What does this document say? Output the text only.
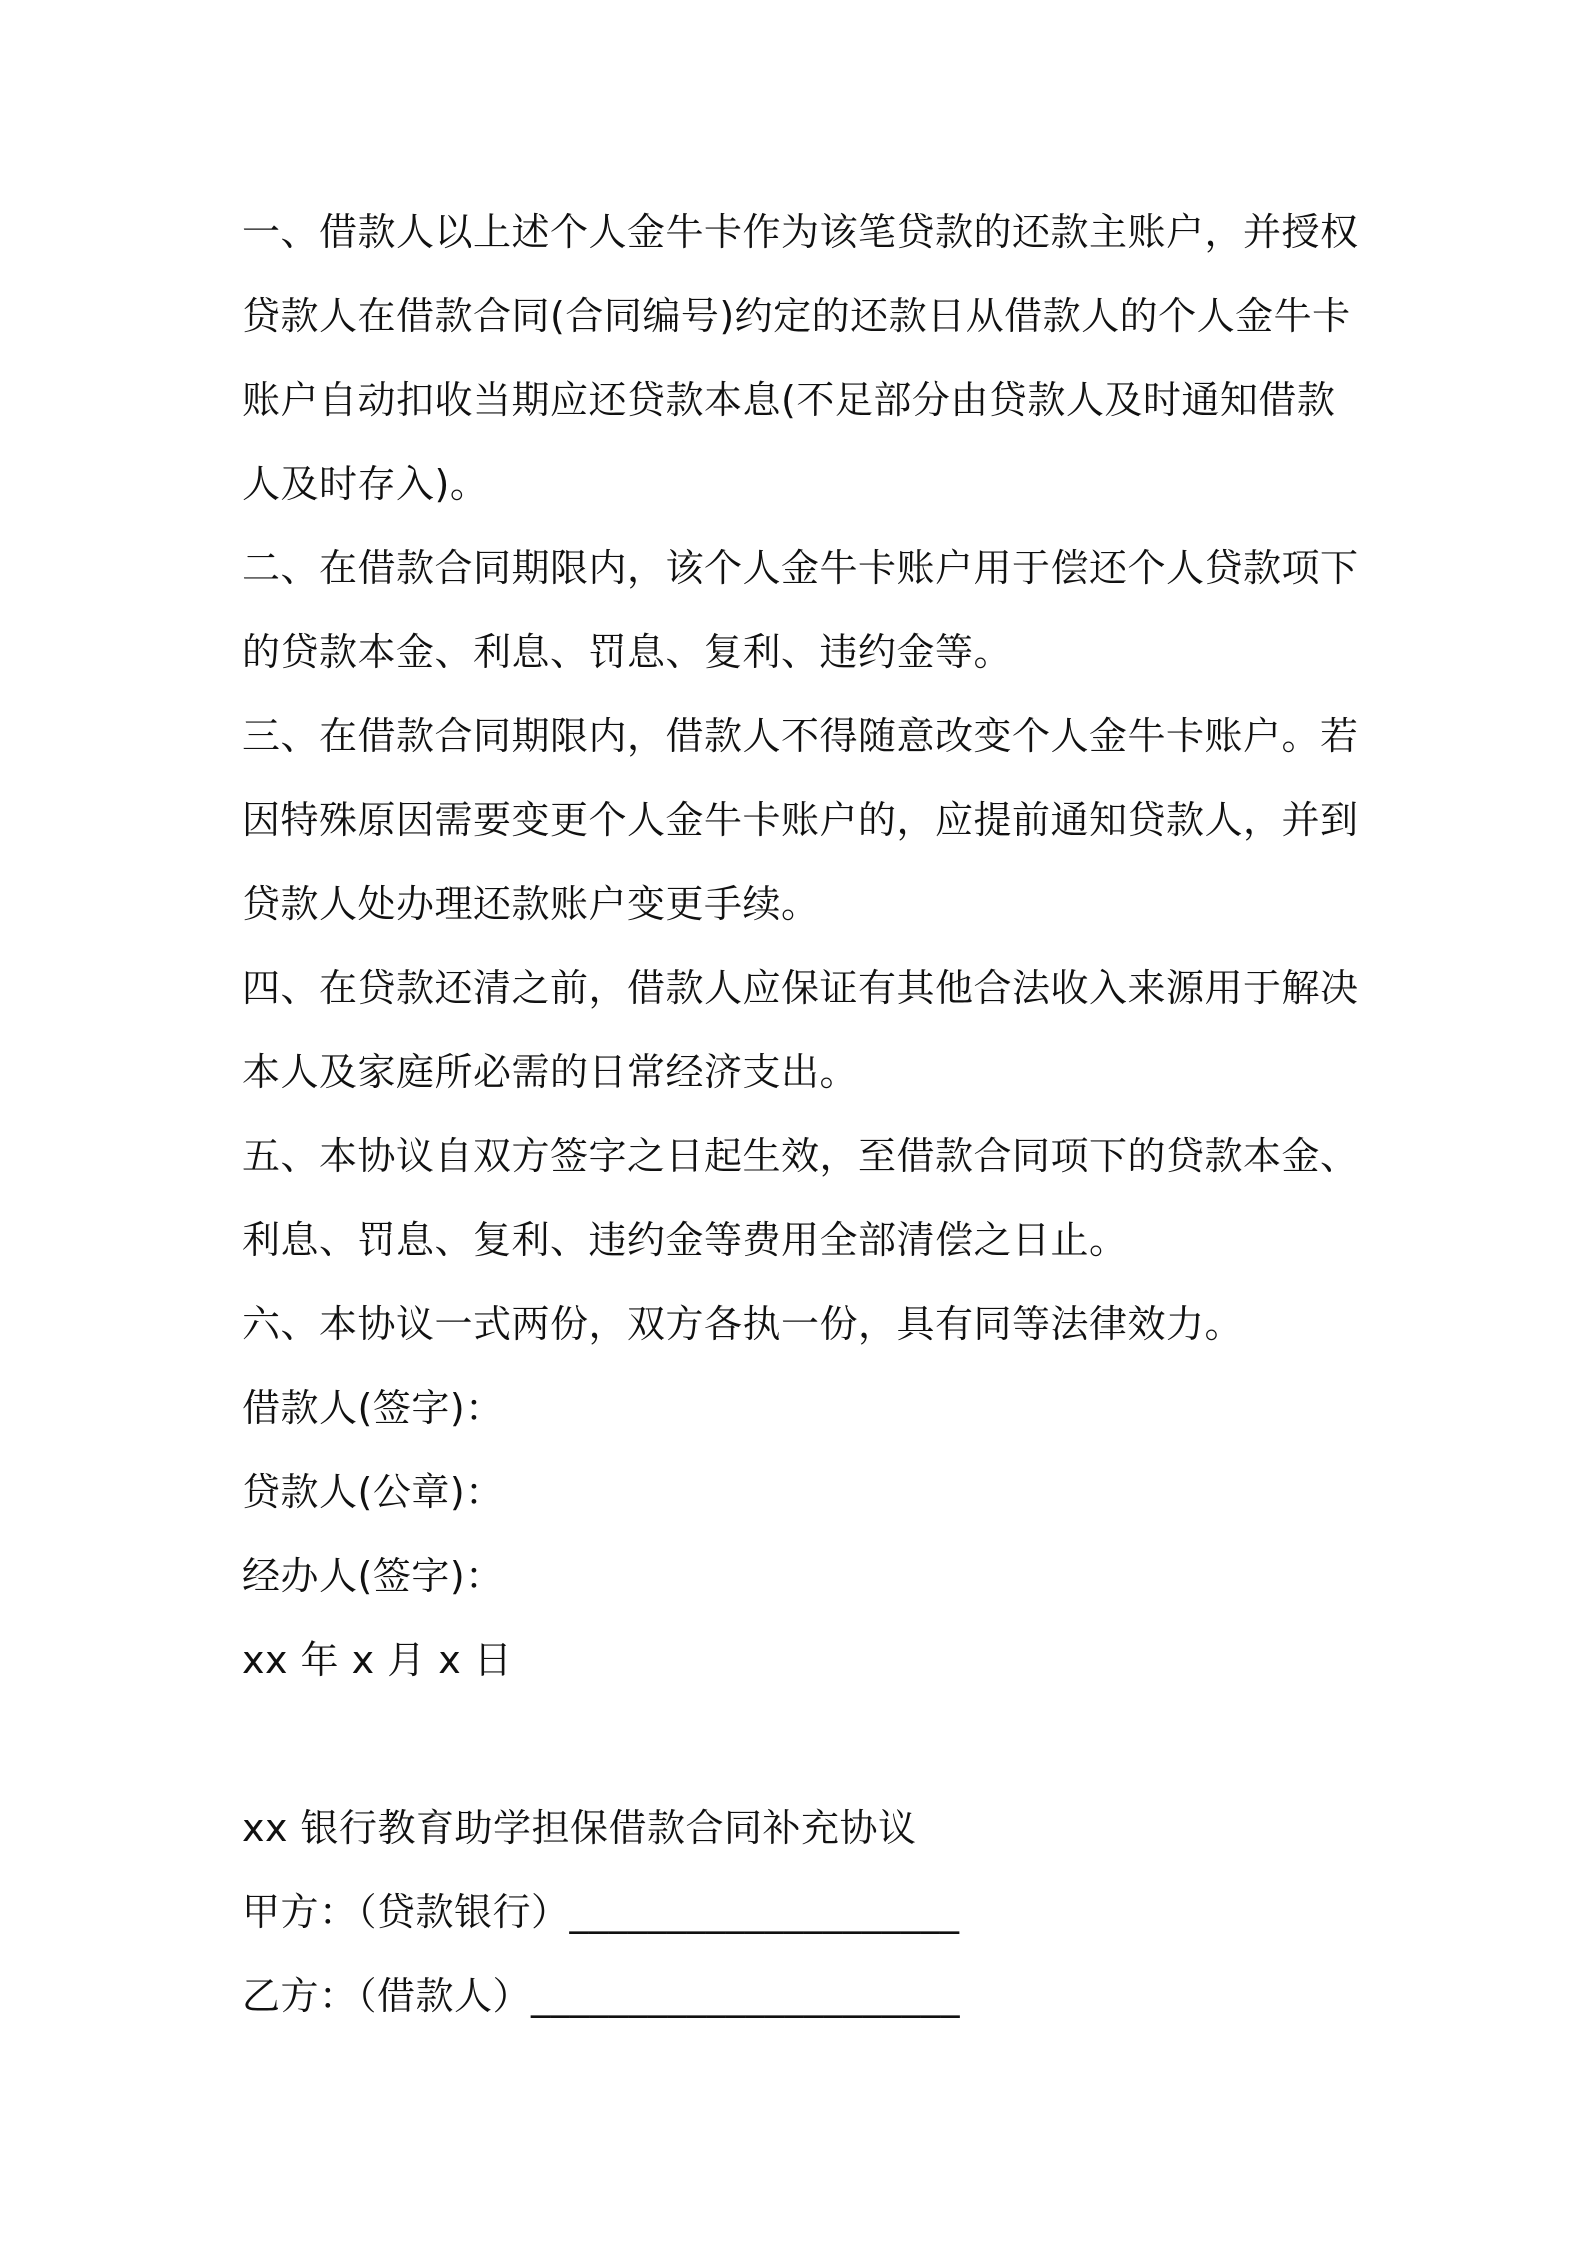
一、借款人以上述个人金牛卡作为该笔贷款的还款主账户，并授权贷款人在借款合同(合同编号)约定的还款日从借款人的个人金牛卡账户自动扣收当期应还贷款本息(不足部分由贷款人及时通知借款人及时存入)。

二、在借款合同期限内，该个人金牛卡账户用于偿还个人贷款项下的贷款本金、利息、罚息、复利、违约金等。

三、在借款合同期限内，借款人不得随意改变个人金牛卡账户。若因特殊原因需要变更个人金牛卡账户的，应提前通知贷款人，并到贷款人处办理还款账户变更手续。

四、在贷款还清之前，借款人应保证有其他合法收入来源用于解决本人及家庭所必需的日常经济支出。

五、本协议自双方签字之日起生效，至借款合同项下的贷款本金、利息、罚息、复利、违约金等费用全部清偿之日止。

六、本协议一式两份，双方各执一份，具有同等法律效力。

借款人(签字)：

贷款人(公章)：

经办人(签字)：

xx 年 x 月 x 日

xx 银行教育助学担保借款合同补充协议

甲方：（贷款银行）____________________

乙方：（借款人）______________________
